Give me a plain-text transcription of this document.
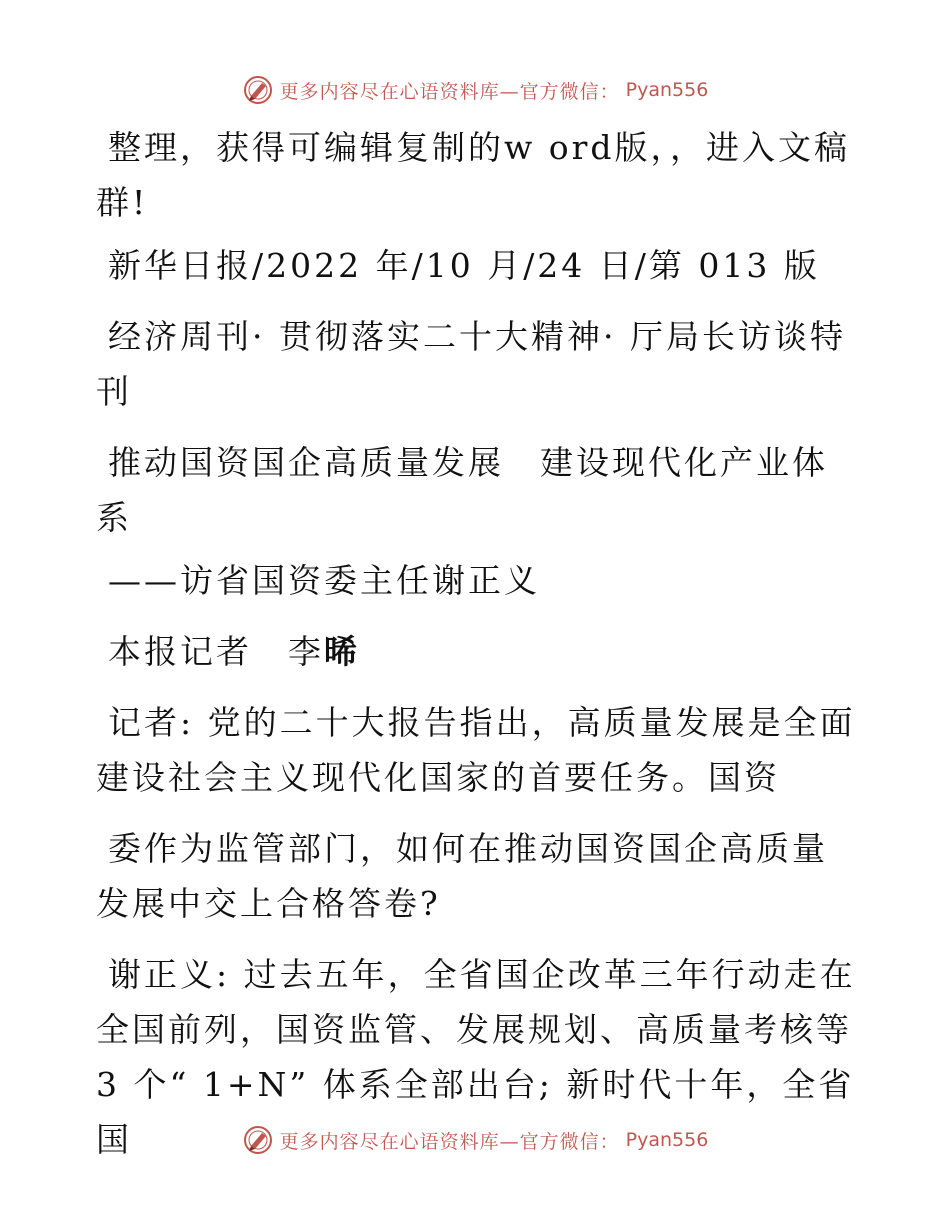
更多内容尽在心语资料库—官方微信： Pyan556

整理，获得可编辑复制的w ord版，，进入文稿群!

新华日报/2022 年/10 月/24 日/第 013 版

经济周刊· 贯彻落实二十大精神· 厅局长访谈特刊

推动国资国企高质量发展　建设现代化产业体系

——访省国资委主任谢正义

本报记者　李晞

记者: 党的二十大报告指出，高质量发展是全面建设社会主义现代化国家的首要任务。国资

委作为监管部门，如何在推动国资国企高质量发展中交上合格答卷?

谢正义: 过去五年，全省国企改革三年行动走在全国前列，国资监管、发展规划、高质量考核等 3 个“ 1+N” 体系全部出台; 新时代十年，全省国	更多内容尽在心语资料库—官方微信： Pyan556
